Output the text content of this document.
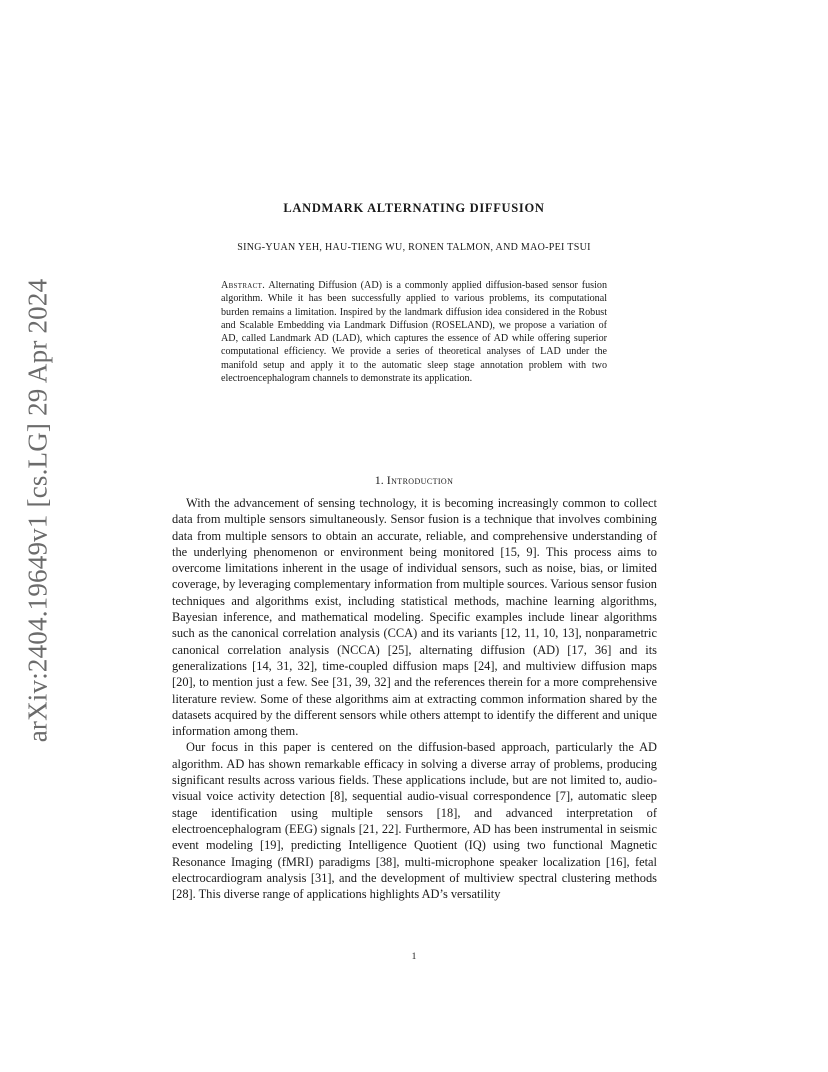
arXiv:2404.19649v1 [cs.LG] 29 Apr 2024
LANDMARK ALTERNATING DIFFUSION
SING-YUAN YEH, HAU-TIENG WU, RONEN TALMON, AND MAO-PEI TSUI
Abstract. Alternating Diffusion (AD) is a commonly applied diffusion-based sensor fusion algorithm. While it has been successfully applied to various problems, its computational burden remains a limitation. Inspired by the landmark diffusion idea considered in the Robust and Scalable Embedding via Landmark Diffusion (ROSELAND), we propose a variation of AD, called Landmark AD (LAD), which captures the essence of AD while offering superior computational efficiency. We provide a series of theoretical analyses of LAD under the manifold setup and apply it to the automatic sleep stage annotation problem with two electroencephalogram channels to demonstrate its application.
1. Introduction

With the advancement of sensing technology, it is becoming increasingly common to collect data from multiple sensors simultaneously. Sensor fusion is a technique that involves combining data from multiple sensors to obtain an accurate, reliable, and comprehensive understanding of the underlying phenomenon or environment being monitored [15, 9]. This process aims to overcome limitations inherent in the usage of individual sensors, such as noise, bias, or limited coverage, by leveraging complementary information from multiple sources. Various sensor fusion techniques and algorithms exist, including statistical methods, machine learning algorithms, Bayesian inference, and mathematical modeling. Specific examples include linear algorithms such as the canonical correlation analysis (CCA) and its variants [12, 11, 10, 13], nonparametric canonical correlation analysis (NCCA) [25], alternating diffusion (AD) [17, 36] and its generalizations [14, 31, 32], time-coupled diffusion maps [24], and multiview diffusion maps [20], to mention just a few. See [31, 39, 32] and the references therein for a more comprehensive literature review. Some of these algorithms aim at extracting common information shared by the datasets acquired by the different sensors while others attempt to identify the different and unique information among them.

Our focus in this paper is centered on the diffusion-based approach, particularly the AD algorithm. AD has shown remarkable efficacy in solving a diverse array of problems, producing significant results across various fields. These applications include, but are not limited to, audio-visual voice activity detection [8], sequential audio-visual correspondence [7], automatic sleep stage identification using multiple sensors [18], and advanced interpretation of electroencephalogram (EEG) signals [21, 22]. Furthermore, AD has been instrumental in seismic event modeling [19], predicting Intelligence Quotient (IQ) using two functional Magnetic Resonance Imaging (fMRI) paradigms [38], multi-microphone speaker localization [16], fetal electrocardiogram analysis [31], and the development of multiview spectral clustering methods [28]. This diverse range of applications highlights AD’s versatility

1
